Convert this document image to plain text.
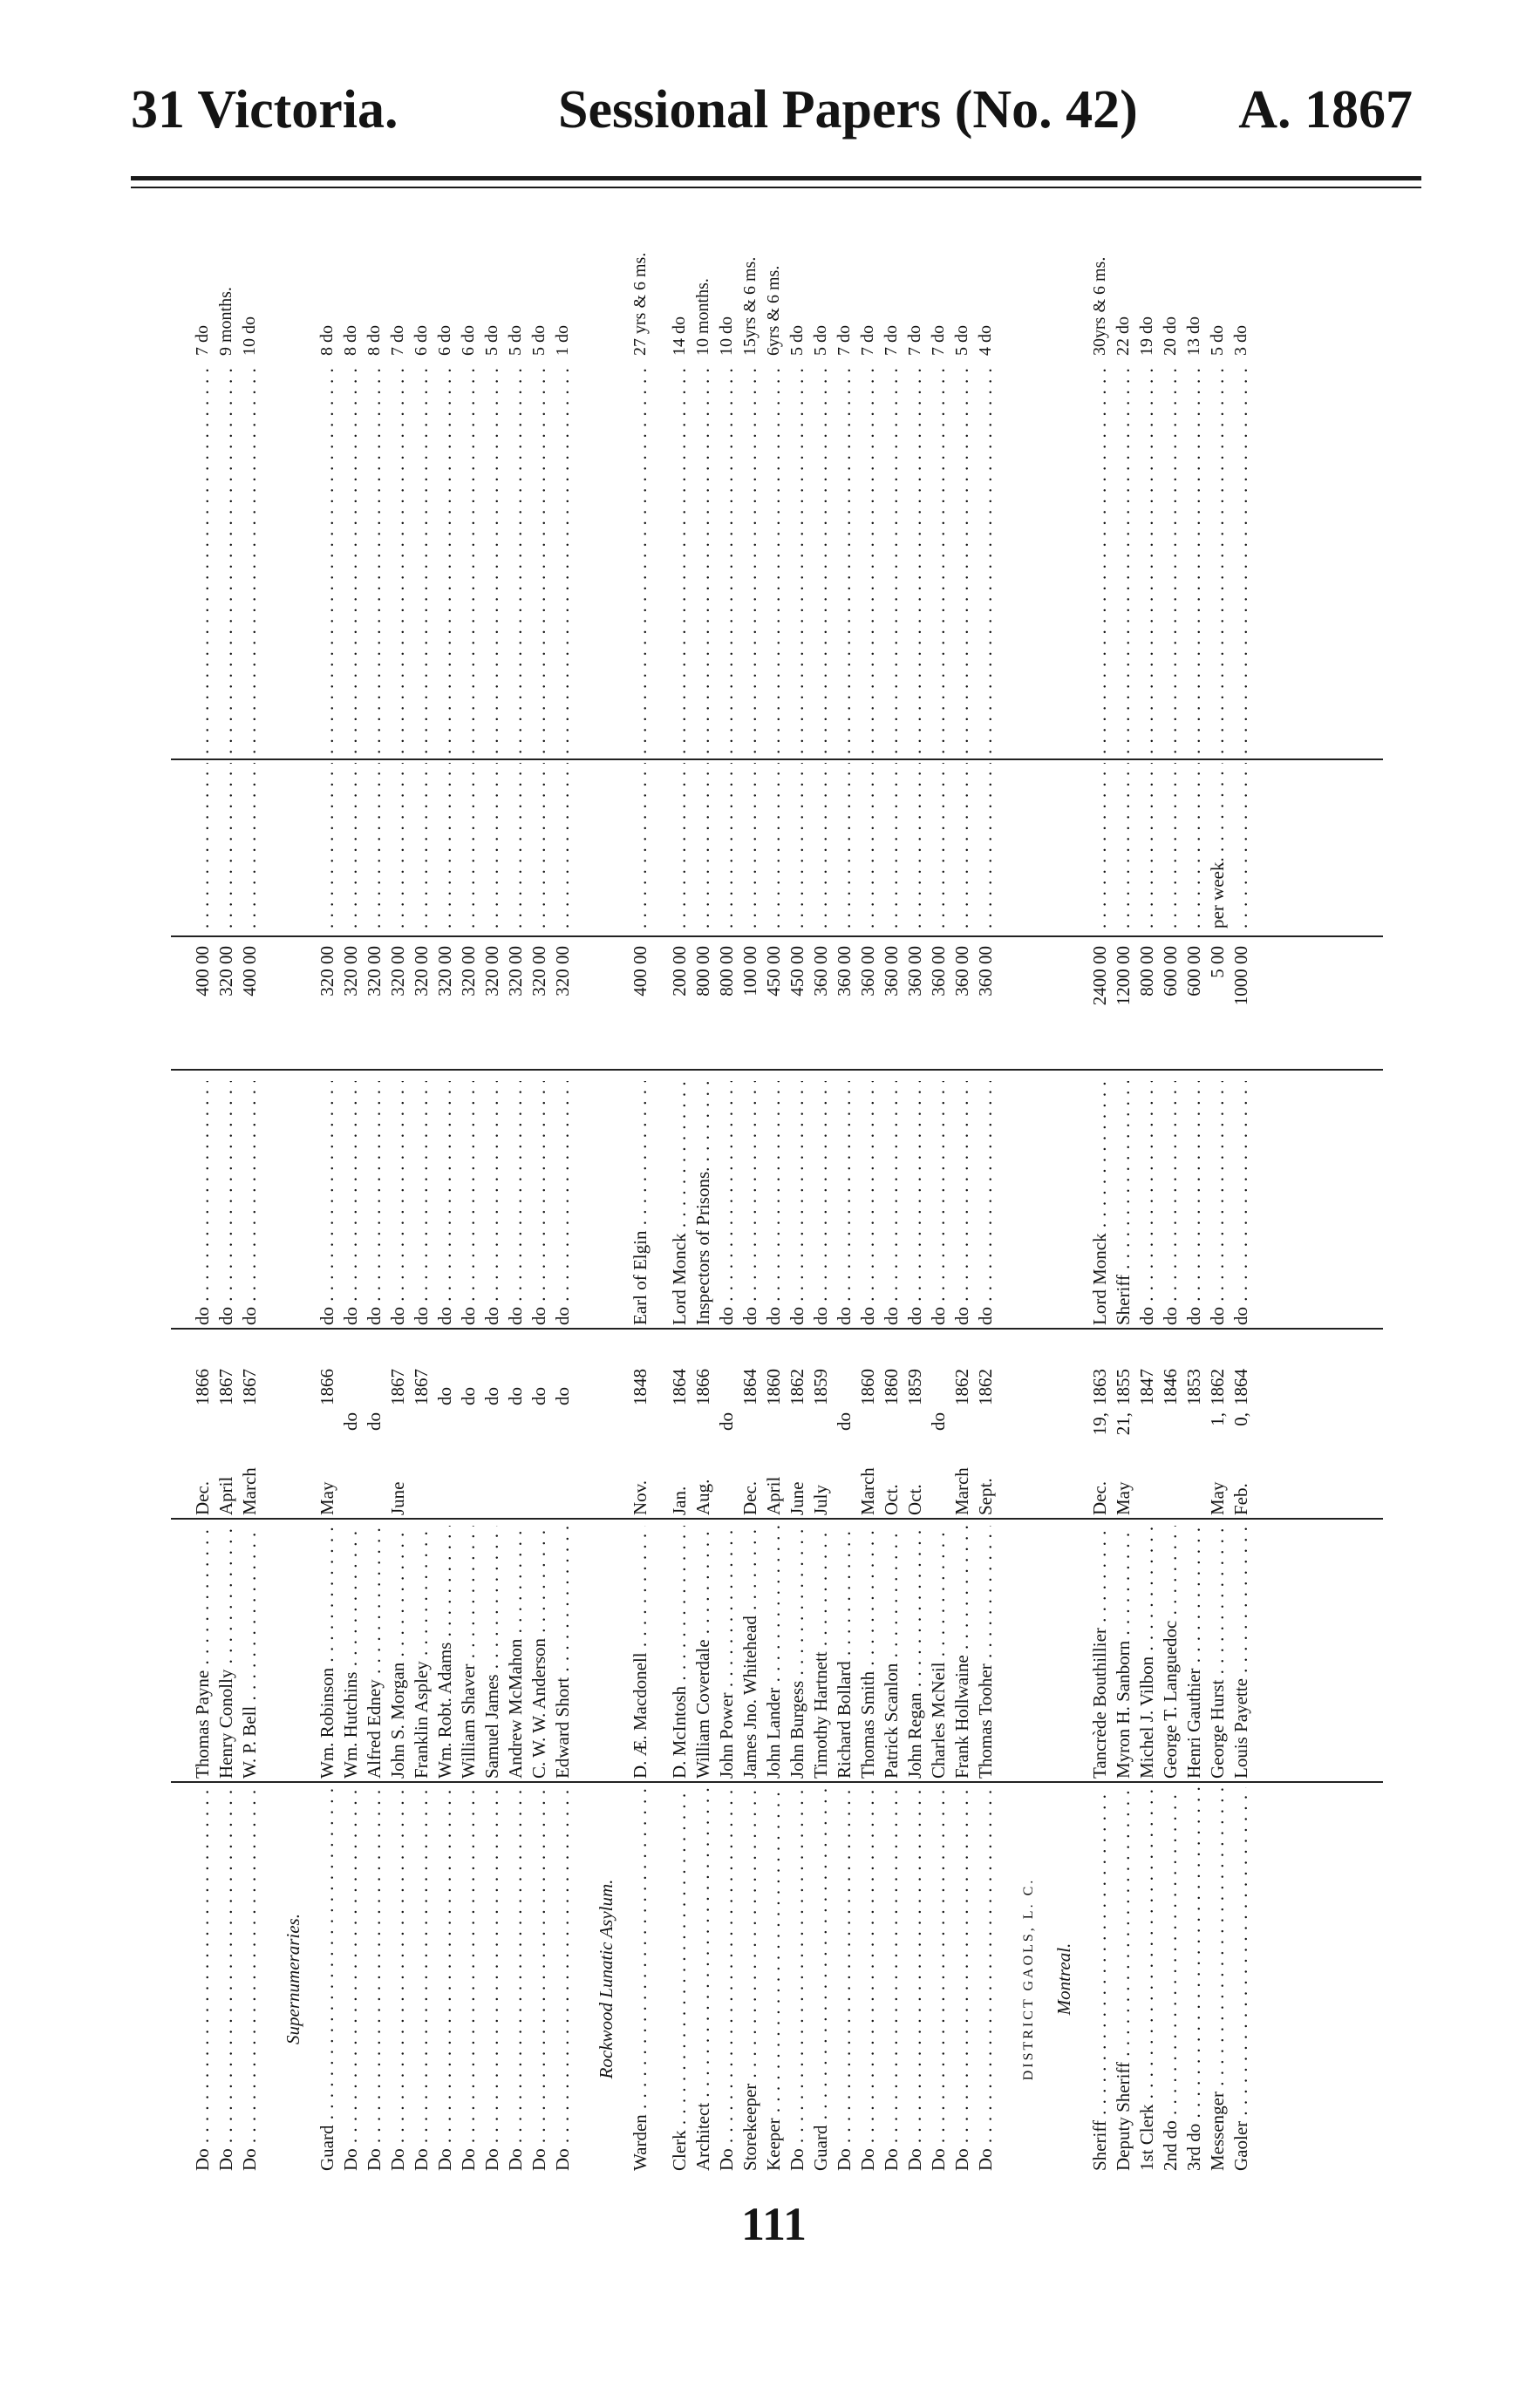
31 Victoria.	Sessional Papers (No. 42) A. 1867
Do . . .
Thomas Payne . . .
Dec.
1866
do . . .
400 00
. . .
. . .
7 do
Do . . .
Henry Conolly . . .
April
1867
do . . .
320 00
. . .
. . .
9 months.
Do . . .
W. P. Bell . . .
March
1867
do . . .
400 00
. . .
. . .
10 do
Supernumeraries.
Guard . . .
Wm. Robinson . . .
May
1866
do . . .
320 00
. . .
. . .
8 do
Do . . .
Wm. Hutchins . . .
do
do . . .
320 00
. . .
. . .
8 do
Do . . .
Alfred Edney . . .
do
do . . .
320 00
. . .
. . .
8 do
Do . . .
John S. Morgan . . .
June
1867
do . . .
320 00
. . .
. . .
7 do
Do . . .
Franklin Aspley . . .
1867
do . . .
320 00
. . .
. . .
6 do
Do . . .
Wm. Robt. Adams . . .
do
do . . .
320 00
. . .
. . .
6 do
Do . . .
William Shaver . . .
do
do . . .
320 00
. . .
. . .
6 do
Do . . .
Samuel James . . .
do
do . . .
320 00
. . .
. . .
5 do
Do . . .
Andrew McMahon . . .
do
do . . .
320 00
. . .
. . .
5 do
Do . . .
C. W. W. Anderson . . .
do
do . . .
320 00
. . .
. . .
5 do
Do . . .
Edward Short . . .
do
do . . .
320 00
. . .
. . .
1 do
Rockwood Lunatic Asylum.
Warden . . .
D. Æ. Macdonell . . .
Nov.
1848
Earl of Elgin . . .
400 00
. . .
. . .
27 yrs & 6 ms.
Clerk . . .
D. McIntosh . . .
Jan.
1864
Lord Monck . . .
200 00
. . .
. . .
14 do
Architect . . .
William Coverdale . . .
Aug.
1866
Inspectors of Prisons. . . .
800 00
. . .
. . .
10 months.
Do . . .
John Power . . .
do
do . . .
800 00
. . .
. . .
10 do
Storekeeper . . .
James Jno. Whitehead . . .
Dec.
1864
do . . .
100 00
. . .
. . .
15yrs & 6 ms.
Keeper . . .
John Lander . . .
April
1860
do . . .
450 00
. . .
. . .
6yrs & 6 ms.
Do . . .
John Burgess . . .
June
1862
do . . .
450 00
. . .
. . .
5 do
Guard . . .
Timothy Hartnett . . .
July
1859
do . . .
360 00
. . .
. . .
5 do
Do . . .
Richard Bollard . . .
do
do . . .
360 00
. . .
. . .
7 do
Do . . .
Thomas Smith . . .
March
1860
do . . .
360 00
. . .
. . .
7 do
Do . . .
Patrick Scanlon . . .
Oct.
1860
do . . .
360 00
. . .
. . .
7 do
Do . . .
John Regan . . .
Oct.
1859
do . . .
360 00
. . .
. . .
7 do
Do . . .
Charles McNeil . . .
do
do . . .
360 00
. . .
. . .
7 do
Do . . .
Frank Hollwaine . . .
March
1862
do . . .
360 00
. . .
. . .
5 do
Do . . .
Thomas Tooher . . .
Sept.
1862
do . . .
360 00
. . .
. . .
4 do
DISTRICT GAOLS, L. C. Montreal.
Sheriff . . .
Tancrède Bouthillier . . .
Dec.
19,
1863
Lord Monck . . .
2400 00
. . .
. . .
30yrs & 6 ms.
Deputy Sheriff . . .
Myron H. Sanborn . . .
May
21,
1855
Sheriff . . .
1200 00
. . .
. . .
22 do
1st Clerk . . .
Michel J. Vilbon . . .
1847
do . . .
800 00
. . .
. . .
19 do
2nd do . . .
George T. Languedoc . . .
1846
do . . .
600 00
. . .
. . .
20 do
3rd do . . .
Henri Gauthier . . .
1853
do . . .
600 00
. . .
. . .
13 do
Messenger . . .
George Hurst . . .
May
1,
1862
do . . .
5 00
per week. . . .
. . .
5 do
Gaoler . . .
Louis Payette . . .
Feb.
0,
1864
do . . .
1000 00
. . .
. . .
3 do
111
